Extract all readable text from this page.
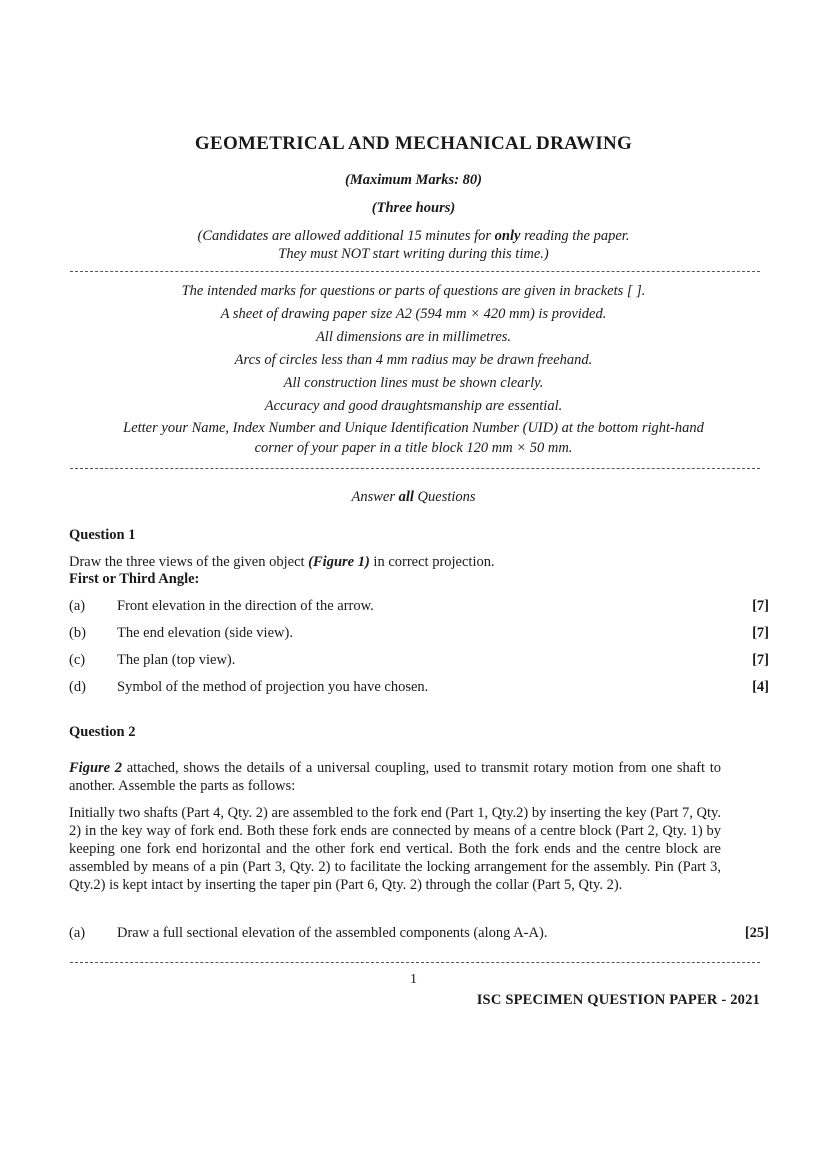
GEOMETRICAL AND MECHANICAL DRAWING
(Maximum Marks: 80)
(Three hours)
(Candidates are allowed additional 15 minutes for only reading the paper.
They must NOT start writing during this time.)
The intended marks for questions or parts of questions are given in brackets [ ].
A sheet of drawing paper size A2 (594 mm × 420 mm) is provided.
All dimensions are in millimetres.
Arcs of circles less than 4 mm radius may be drawn freehand.
All construction lines must be shown clearly.
Accuracy and good draughtsmanship are essential.
Letter your Name, Index Number and Unique Identification Number (UID) at the bottom right-hand
corner of your paper in a title block 120 mm × 50 mm.
Answer all Questions
Question 1
Draw the three views of the given object (Figure 1) in correct projection.
First or Third Angle:
(a) Front elevation in the direction of the arrow.	[7]
(b) The end elevation (side view).	[7]
(c) The plan (top view).	[7]
(d) Symbol of the method of projection you have chosen.	[4]
Question 2
Figure 2 attached, shows the details of a universal coupling, used to transmit rotary motion from one shaft to another. Assemble the parts as follows:
Initially two shafts (Part 4, Qty. 2) are assembled to the fork end (Part 1, Qty.2) by inserting the key (Part 7, Qty. 2) in the key way of fork end. Both these fork ends are connected by means of a centre block (Part 2, Qty. 1) by keeping one fork end horizontal and the other fork end vertical. Both the fork ends and the centre block are assembled by means of a pin (Part 3, Qty. 2) to facilitate the locking arrangement for the assembly. Pin (Part 3, Qty.2) is kept intact by inserting the taper pin (Part 6, Qty. 2) through the collar (Part 5, Qty. 2).
(a) Draw a full sectional elevation of the assembled components (along A-A).	[25]
1
ISC SPECIMEN QUESTION PAPER - 2021
